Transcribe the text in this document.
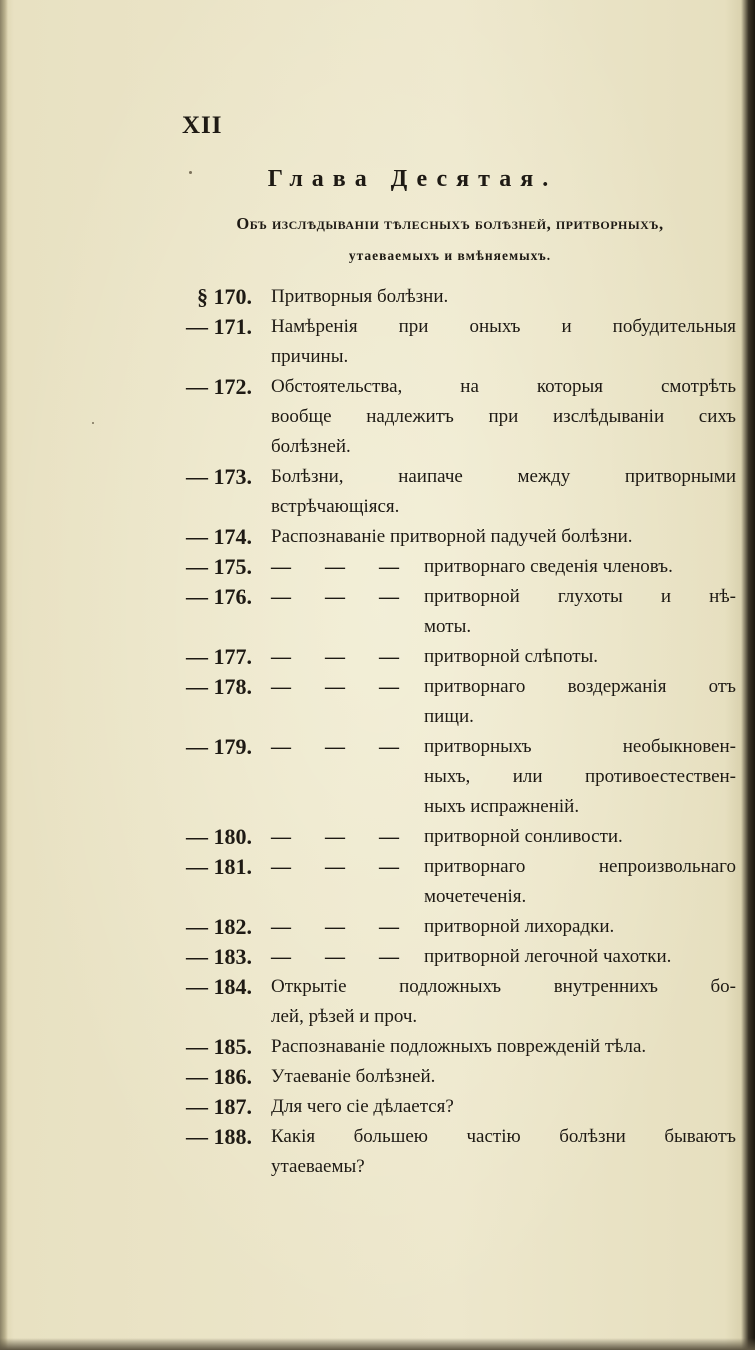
XII
Глава Десятая.
Объ изслѣдываніи тѣлесныхъ болѣзней, притворныхъ,
утаеваемыхъ и вмѣняемыхъ.
§ 170. Притворныя болѣзни.
— 171. Намѣренія при оныхъ и побудительныя
причины.
— 172. Обстоятельства, на которыя смотрѣть
вообще надлежитъ при изслѣдываніи сихъ
болѣзней.
— 173. Болѣзни, наипаче между притворными
встрѣчающіяся.
— 174. Распознаваніе притворной падучей болѣзни.
— 175. — — — притворнаго сведенія членовъ.
— 176. — — — притворной глухоты и нѣ-
моты.
— 177. — — — притворной слѣпоты.
— 178. — — — притворнаго воздержанія отъ
пищи.
— 179. — — — притворныхъ необыкновен-
ныхъ, или противоестествен-
ныхъ испражненій.
— 180. — — — притворной сонливости.
— 181. — — — притворнаго непроизвольнаго
мочетеченія.
— 182. — — — притворной лихорадки.
— 183. — — — притворной легочной чахотки.
— 184. Открытіе подложныхъ внутреннихъ бо-
лей, рѣзей и проч.
— 185. Распознаваніе подложныхъ поврежденій тѣла.
— 186. Утаеваніе болѣзней.
— 187. Для чего сіе дѣлается?
— 188. Какія большею частію болѣзни бываютъ
утаеваемы?
